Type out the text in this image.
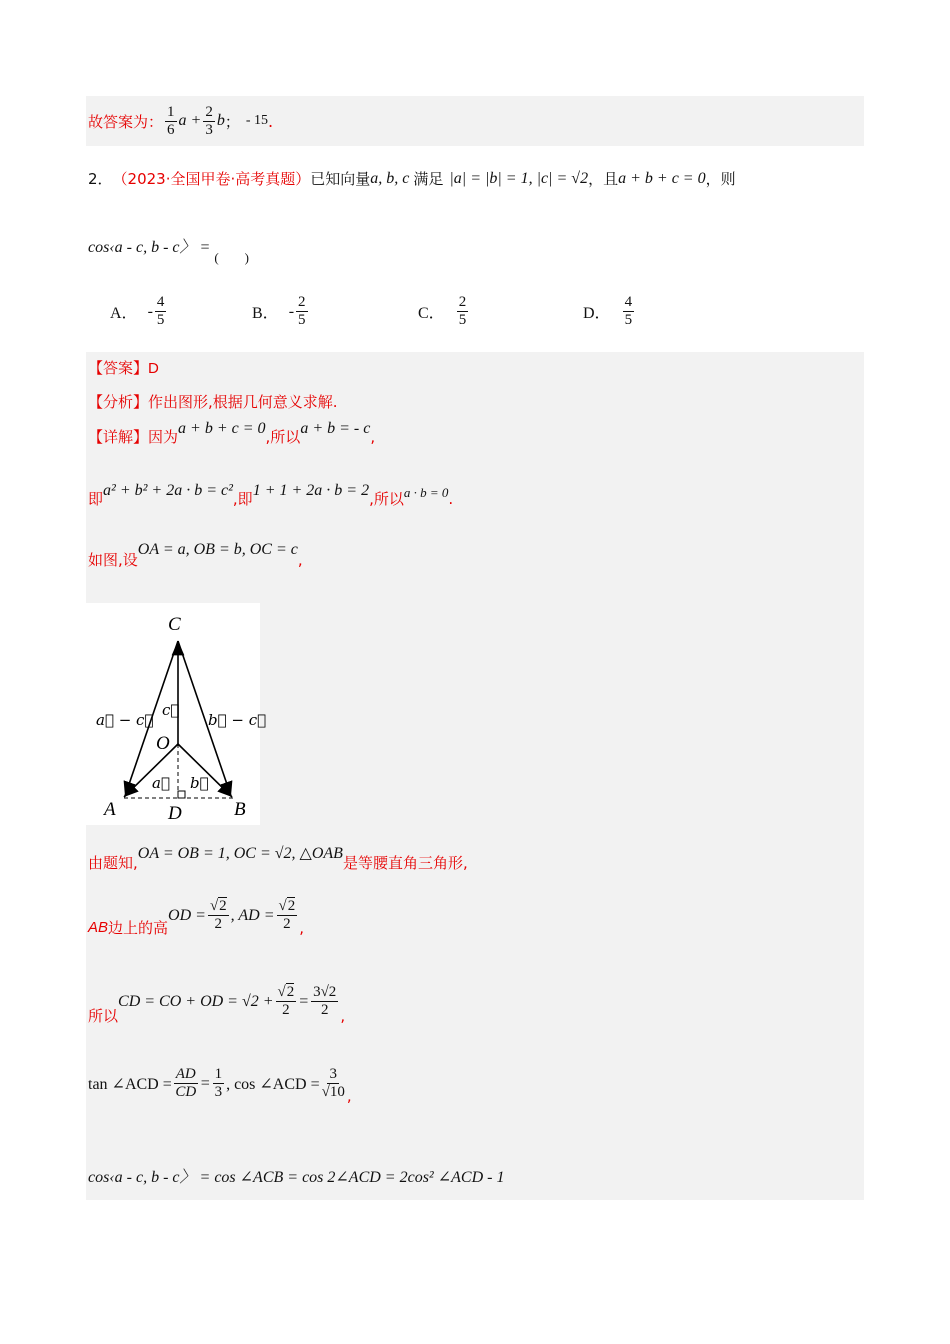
故答案为： $\frac{1}{6}$ $a + \frac{2}{3}$ b ； - 15 .
2． （2023·全国甲卷·高考真题） 已知向量 a, b, c 满足 |a| = |b| = 1, |c| = √2 ，且 a + b + c = 0 ，则
cos‹a - c, b - c〉 =
(　　)
A． - $\frac{4}{5}$	B． - $\frac{2}{5}$	C． $\frac{2}{5}$	D． $\frac{4}{5}$
【答案】D
【分析】作出图形,根据几何意义求解.
【详解】 因为 a + b + c = 0 ,所以 a + b = - c ,
即 a² + b² + 2a · b = c² ,即 1 + 1 + 2a · b = 2 ,所以 a · b = 0 .
如图,设
OA = a, OB = b, OC = c
,
C
O
A	B
D
c⃗
a⃗ b⃗
a⃗ − c⃗	b⃗ − c⃗
由题知,
OA = OB = 1, OC = √2, △OAB
是等腰直角三角形,
AB 边上的高
OD = $\frac{√2}{2}$ , AD = $\frac{√2}{2}$ ,
所以
CD = CO + OD = $√2 + \frac{√2}{2} = \frac{3√2}{2}$ ,
tan ∠ACD = $\frac{AD}{CD} = \frac{1}{3}$ , cos ∠ACD = $\frac{3}{√10}$ ,
cos‹a - c, b - c〉 = cos ∠ACB = cos 2∠ACD = 2cos² ∠ACD - 1
